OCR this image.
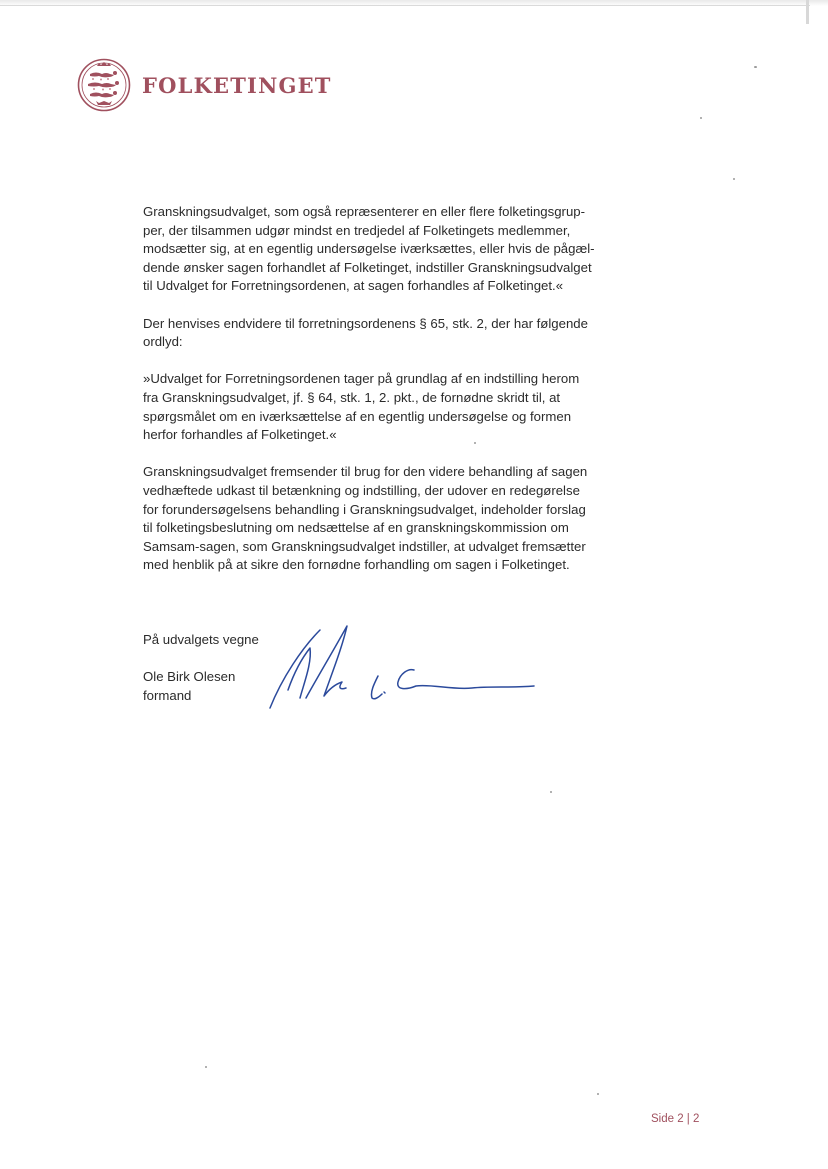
FOLKETINGET

Granskningsudvalget, som også repræsenterer en eller flere folketingsgrup-
per, der tilsammen udgør mindst en tredjedel af Folketingets medlemmer,
modsætter sig, at en egentlig undersøgelse iværksættes, eller hvis de pågæl-
dende ønsker sagen forhandlet af Folketinget, indstiller Granskningsudvalget
til Udvalget for Forretningsordenen, at sagen forhandles af Folketinget.«

Der henvises endvidere til forretningsordenens § 65, stk. 2, der har følgende
ordlyd:

»Udvalget for Forretningsordenen tager på grundlag af en indstilling herom
fra Granskningsudvalget, jf. § 64, stk. 1, 2. pkt., de fornødne skridt til, at
spørgsmålet om en iværksættelse af en egentlig undersøgelse og formen
herfor forhandles af Folketinget.«

Granskningsudvalget fremsender til brug for den videre behandling af sagen
vedhæftede udkast til betænkning og indstilling, der udover en redegørelse
for forundersøgelsens behandling i Granskningsudvalget, indeholder forslag
til folketingsbeslutning om nedsættelse af en granskningskommission om
Samsam-sagen, som Granskningsudvalget indstiller, at udvalget fremsætter
med henblik på at sikre den fornødne forhandling om sagen i Folketinget.

På udvalgets vegne

Ole Birk Olesen

formand

Side 2 | 2
